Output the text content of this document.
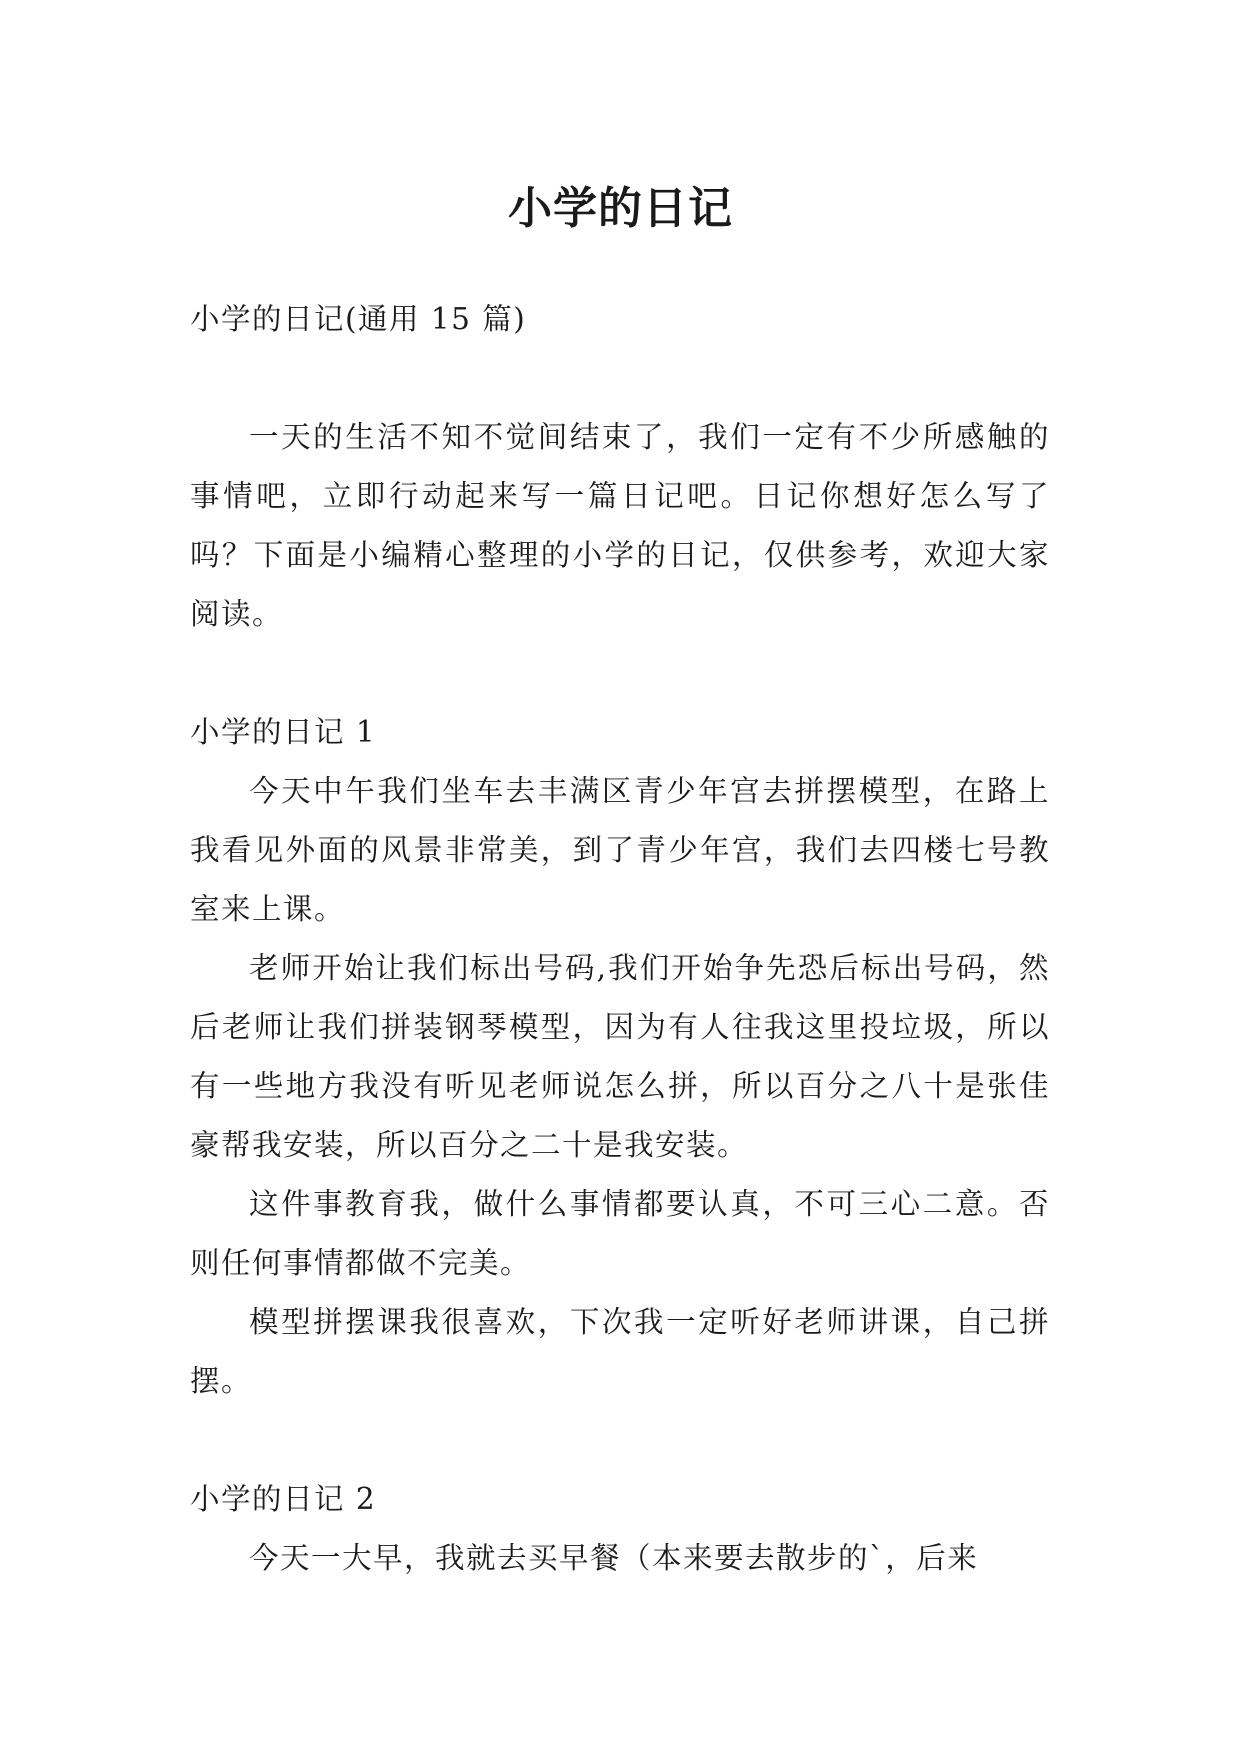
小学的日记

小学的日记(通用 15 篇)

一天的生活不知不觉间结束了，我们一定有不少所感触的事情吧，立即行动起来写一篇日记吧。日记你想好怎么写了吗？下面是小编精心整理的小学的日记，仅供参考，欢迎大家阅读。

小学的日记 1

今天中午我们坐车去丰满区青少年宫去拼摆模型，在路上我看见外面的风景非常美，到了青少年宫，我们去四楼七号教室来上课。

老师开始让我们标出号码,我们开始争先恐后标出号码，然后老师让我们拼装钢琴模型，因为有人往我这里投垃圾，所以有一些地方我没有听见老师说怎么拼，所以百分之八十是张佳豪帮我安装，所以百分之二十是我安装。

这件事教育我，做什么事情都要认真，不可三心二意。否则任何事情都做不完美。

模型拼摆课我很喜欢，下次我一定听好老师讲课，自己拼摆。

小学的日记 2

今天一大早，我就去买早餐（本来要去散步的`，后来
